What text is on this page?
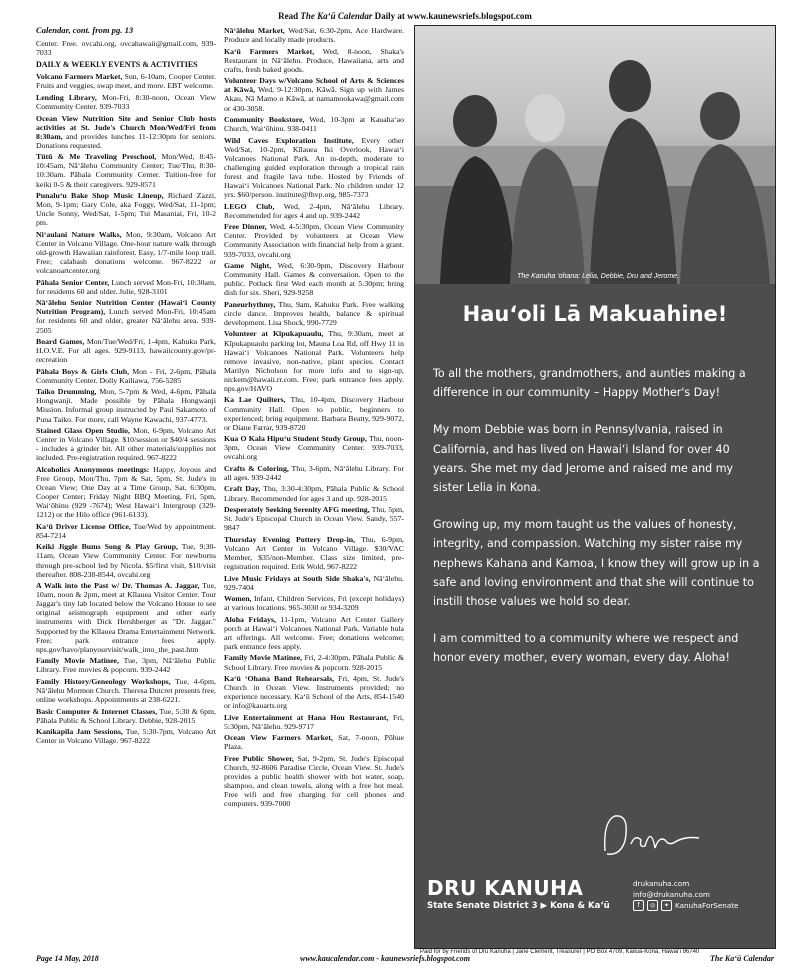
Read The Ka‘ū Calendar Daily at www.kaunewsriefs.blogspot.com

Calendar, cont. from pg. 13

Center. Free. ovcahi.org, ovcahawaii@gmail.com, 939-7033

DAILY & WEEKLY EVENTS & ACTIVITIES

Volcano Farmers Market, Sun, 6-10am, Cooper Center. Fruits and veggies, swap meet, and more. EBT welcome.

Lending Library, Mon-Fri, 8:30-noon, Ocean View Community Center. 939-7033

Ocean View Nutrition Site and Senior Club hosts activities at St. Jude's Church Mon/Wed/Fri from 8:30am, and provides lunches 11-12:30pm for seniors. Donations requested.

Tūtū & Me Traveling Preschool, Mon/Wed, 8:45-10:45am, Nā‘ālehu Community Center; Tue/Thu, 8:30-10:30am. Pāhala Community Center. Tuition-free for keiki 0-5 & their caregivers. 929-8571

Punalu‘u Bake Shop Music Lineup, Richard Zazzi, Mon, 9-1pm; Gary Cole, aka Foggy, Wed/Sat, 11-1pm; Uncle Sonny, Wed/Sat, 1-5pm; Tui Masaniai, Fri, 10-2 pm.

Ni‘aulani Nature Walks, Mon, 9:30am, Volcano Art Center in Volcano Village. One-hour nature walk through old-growth Hawaiian rainforest. Easy, 1/7-mile loop trail. Free; calabash donations welcome. 967-8222 or volcanoartcenter.org

Pāhala Senior Center, Lunch served Mon-Fri, 10:30am, for residents 60 and older. Julie, 928-3101

Nā‘ālehu Senior Nutrition Center (Hawai‘i County Nutrition Program), Lunch served Mon-Fri, 10:45am for residents 60 and older, greater Nā‘ālehu area. 939-2505

Board Games, Mon/Tue/Wed/Fri, 1-4pm, Kahuku Park, H.O.V.E. For all ages. 929-9113, hawaiicounty.gov/pr-recreation

Pāhala Boys & Girls Club, Mon - Fri, 2-6pm, Pāhala Community Center. Dolly Kailiawa, 756-5285

Taiko Drumming, Mon, 5-7pm & Wed, 4-6pm, Pāhala Hongwanji. Made possible by Pāhala Hongwanji Mission. Informal group instructed by Paul Sakamoto of Puna Taiko. For more, call Wayne Kawachi, 937-4773.

Stained Glass Open Studio, Mon, 6-9pm, Volcano Art Center in Volcano Village. $10/session or $40/4 sessions - includes a grinder bit. All other materials/supplies not included. Pre-registration required. 967-8222

Alcoholics Anonymous meetings: Happy, Joyous and Free Group, Mon/Thu, 7pm & Sat, 5pm, St. Jude's in Ocean View; One Day at a Time Group, Sat, 6:30pm, Cooper Center; Friday Night BBQ Meeting, Fri, 5pm, Wai‘ōhinu (929 -7674); West Hawai‘i Intergroup (329-1212) or the Hilo office (961-6133).

Ka‘ū Driver License Office, Tue/Wed by appointment. 854-7214

Keiki Jiggle Bums Song & Play Group, Tue, 9:30-11am, Ocean View Community Center. For newborns through pre-school led by Nicola. $5/first visit, $10/visit thereafter. 808-238-8544, ovcahi.org

A Walk into the Past w/ Dr. Thomas A. Jaggar, Tue, 10am, noon & 2pm, meet at Kīlauea Visitor Center. Tour Jaggar's tiny lab located below the Volcano House to see original seismograph equipment and other early instruments with Dick Hershberger as "Dr. Jaggar." Supported by the Kīlauea Drama Entertainment Network. Free; park entrance fees apply. nps.gov/havo/planyourvisit/walk_into_the_past.htm

Family Movie Matinee, Tue, 3pm, Nā‘ālehu Public Library. Free movies & popcorn. 939-2442

Family History/Geneology Workshops, Tue, 4-6pm, Nā‘ālehu Mormon Church. Theresa Dutcret presents free, online workshops. Appointments at 238-6221.

Basic Computer & Internet Classes, Tue, 5:30 & 6pm, Pāhala Public & School Library. Debbie, 928-2015

Kanikapila Jam Sessions, Tue, 5:30-7pm, Volcano Art Center in Volcano Village. 967-8222

Nā‘ālehu Market, Wed/Sat, 6:30-2pm, Ace Hardware. Produce and locally made products.

Ka‘ū Farmers Market, Wed, 8-noon, Shaka's Restaurant in Nā‘ālehu. Produce, Hawaiiana, arts and crafts, fresh baked goods.

Volunteer Days w/Volcano School of Arts & Sciences at Kāwā, Wed, 9-12:30pm, Kāwā. Sign up with James Akau, Nā Mamo o Kāwā, at namamookawa@gmail.com or 430-3058.

Community Bookstore, Wed, 10-3pm at Kauaha‘ao Church, Wai‘ōhinu. 938-0411

Wild Caves Exploration Institute, Every other Wed/Sat, 10-2pm, Kīlauea Iki Overlook, Hawai‘i Volcanoes National Park. An in-depth, moderate to challenging guided exploration through a tropical rain forest and fragile lava tube. Hosted by Friends of Hawai‘i Volcanoes National Park. No children under 12 yrs. $60/person. institute@fhvp.org, 985-7373

LEGO Club, Wed, 2-4pm, Nā‘ālehu Library. Recommended for ages 4 and up. 939-2442

Free Dinner, Wed, 4-5:30pm, Ocean View Community Center. Provided by volunteers at Ocean View Community Association with financial help from a grant. 939-7033, ovcahi.org

Game Night, Wed, 6:30-9pm, Discovery Harbour Community Hall. Games & conversation. Open to the public. Potluck first Wed each month at 5:30pm; bring dish for six. Sheri, 929-9258

Paneurhythmy, Thu, 9am, Kahuku Park. Free walking circle dance. Improves health, balance & spiritual development. Lisa Shock, 990-7729

Volunteer at Kīpukapuaulu, Thu, 9:30am, meet at Kīpukapuaulu parking lot, Mauna Loa Rd, off Hwy 11 in Hawai‘i Volcanoes National Park. Volunteers help remove invasive, non-native, plant species. Contact Marilyn Nicholson for more info and to sign-up, nickem@hawaii.rr.com. Free; park entrance fees apply. nps.gov/HAVO

Ka Lae Quilters, Thu, 10-4pm, Discovery Harbour Community Hall. Open to public, beginners to experienced; bring equipment. Barbara Beatty, 929-9072, or Diane Farrar, 939-8720

Kua O Kala Hipu‘u Student Study Group, Thu, noon-3pm, Ocean View Community Center. 939-7033, ovcahi.org

Crafts & Coloring, Thu, 3-6pm, Nā‘ālehu Library. For all ages. 939-2442

Craft Day, Thu, 3:30-4:30pm, Pāhala Public & School Library. Recommended for ages 3 and up. 928-2015

Desperately Seeking Serenity AFG meeting, Thu, 5pm, St. Jude's Episcopal Church in Ocean View. Sandy, 557-9847

Thursday Evening Pottery Drop-in, Thu, 6-9pm, Volcano Art Center in Volcano Village. $30/VAC Member, $35/non-Member. Class size limited, pre-registration required. Erik Wold, 967-8222

Live Music Fridays at South Side Shaka's, Nā‘ālehu. 929-7404

Women, Infant, Children Services, Fri (except holidays) at various locations. 965-3030 or 934-3209

Aloha Fridays, 11-1pm, Volcano Art Center Gallery porch at Hawai‘i Volcanoes National Park. Variable hula art offerings. All welcome. Free; donations welcome; park entrance fees apply.

Family Movie Matinee, Fri, 2-4:30pm, Pāhala Public & School Library. Free movies & popcorn. 928-2015

Ka‘ū ‘Ohana Band Rehearsals, Fri, 4pm, St. Jude's Church in Ocean View. Instruments provided; no experience necessary. Ka‘ū School of the Arts, 854-1540 or info@kauarts.org

Live Entertainment at Hana Hou Restaurant, Fri, 5:30pm, Nā‘ālehu. 929-9717

Ocean View Farmers Market, Sat, 7-noon, Pōhue Plaza.

Free Public Shower, Sat, 9-2pm, St. Jude's Episcopal Church, 92-8606 Paradise Circle, Ocean View. St. Jude's provides a public health shower with hot water, soap, shampoo, and clean towels, along with a free hot meal. Free wifi and free charging for cell phones and computers. 939-7000

The Kanuha ‘ohana: Lelia, Debbie, Dru and Jerome.
Hau‘oli Lā Makuahine!

To all the mothers, grandmothers, and aunties making a difference in our community – Happy Mother's Day!

My mom Debbie was born in Pennsylvania, raised in California, and has lived on Hawai‘i Island for over 40 years. She met my dad Jerome and raised me and my sister Lelia in Kona.

Growing up, my mom taught us the values of honesty, integrity, and compassion. Watching my sister raise my nephews Kahana and Kamoa, I know they will grow up in a safe and loving environment and that she will continue to instill those values we hold so dear.

I am committed to a community where we respect and honor every mother, every woman, every day. Aloha!

DRU KANUHA
State Senate District 3 ▶ Kona & Ka‘ū
drukanuha.com
info@drukanuha.com
f	◎	✦ KanuhaForSenate
Paid for by Friends of Dru Kanuha | Jane Clement, Treasurer | PO Box 4709, Kailua-Kona, Hawai‘i 96740
Page 14 May, 2018	www.kaucalendar.com - kaunewsriefs.blogspot.com	The Ka‘ū Calendar
